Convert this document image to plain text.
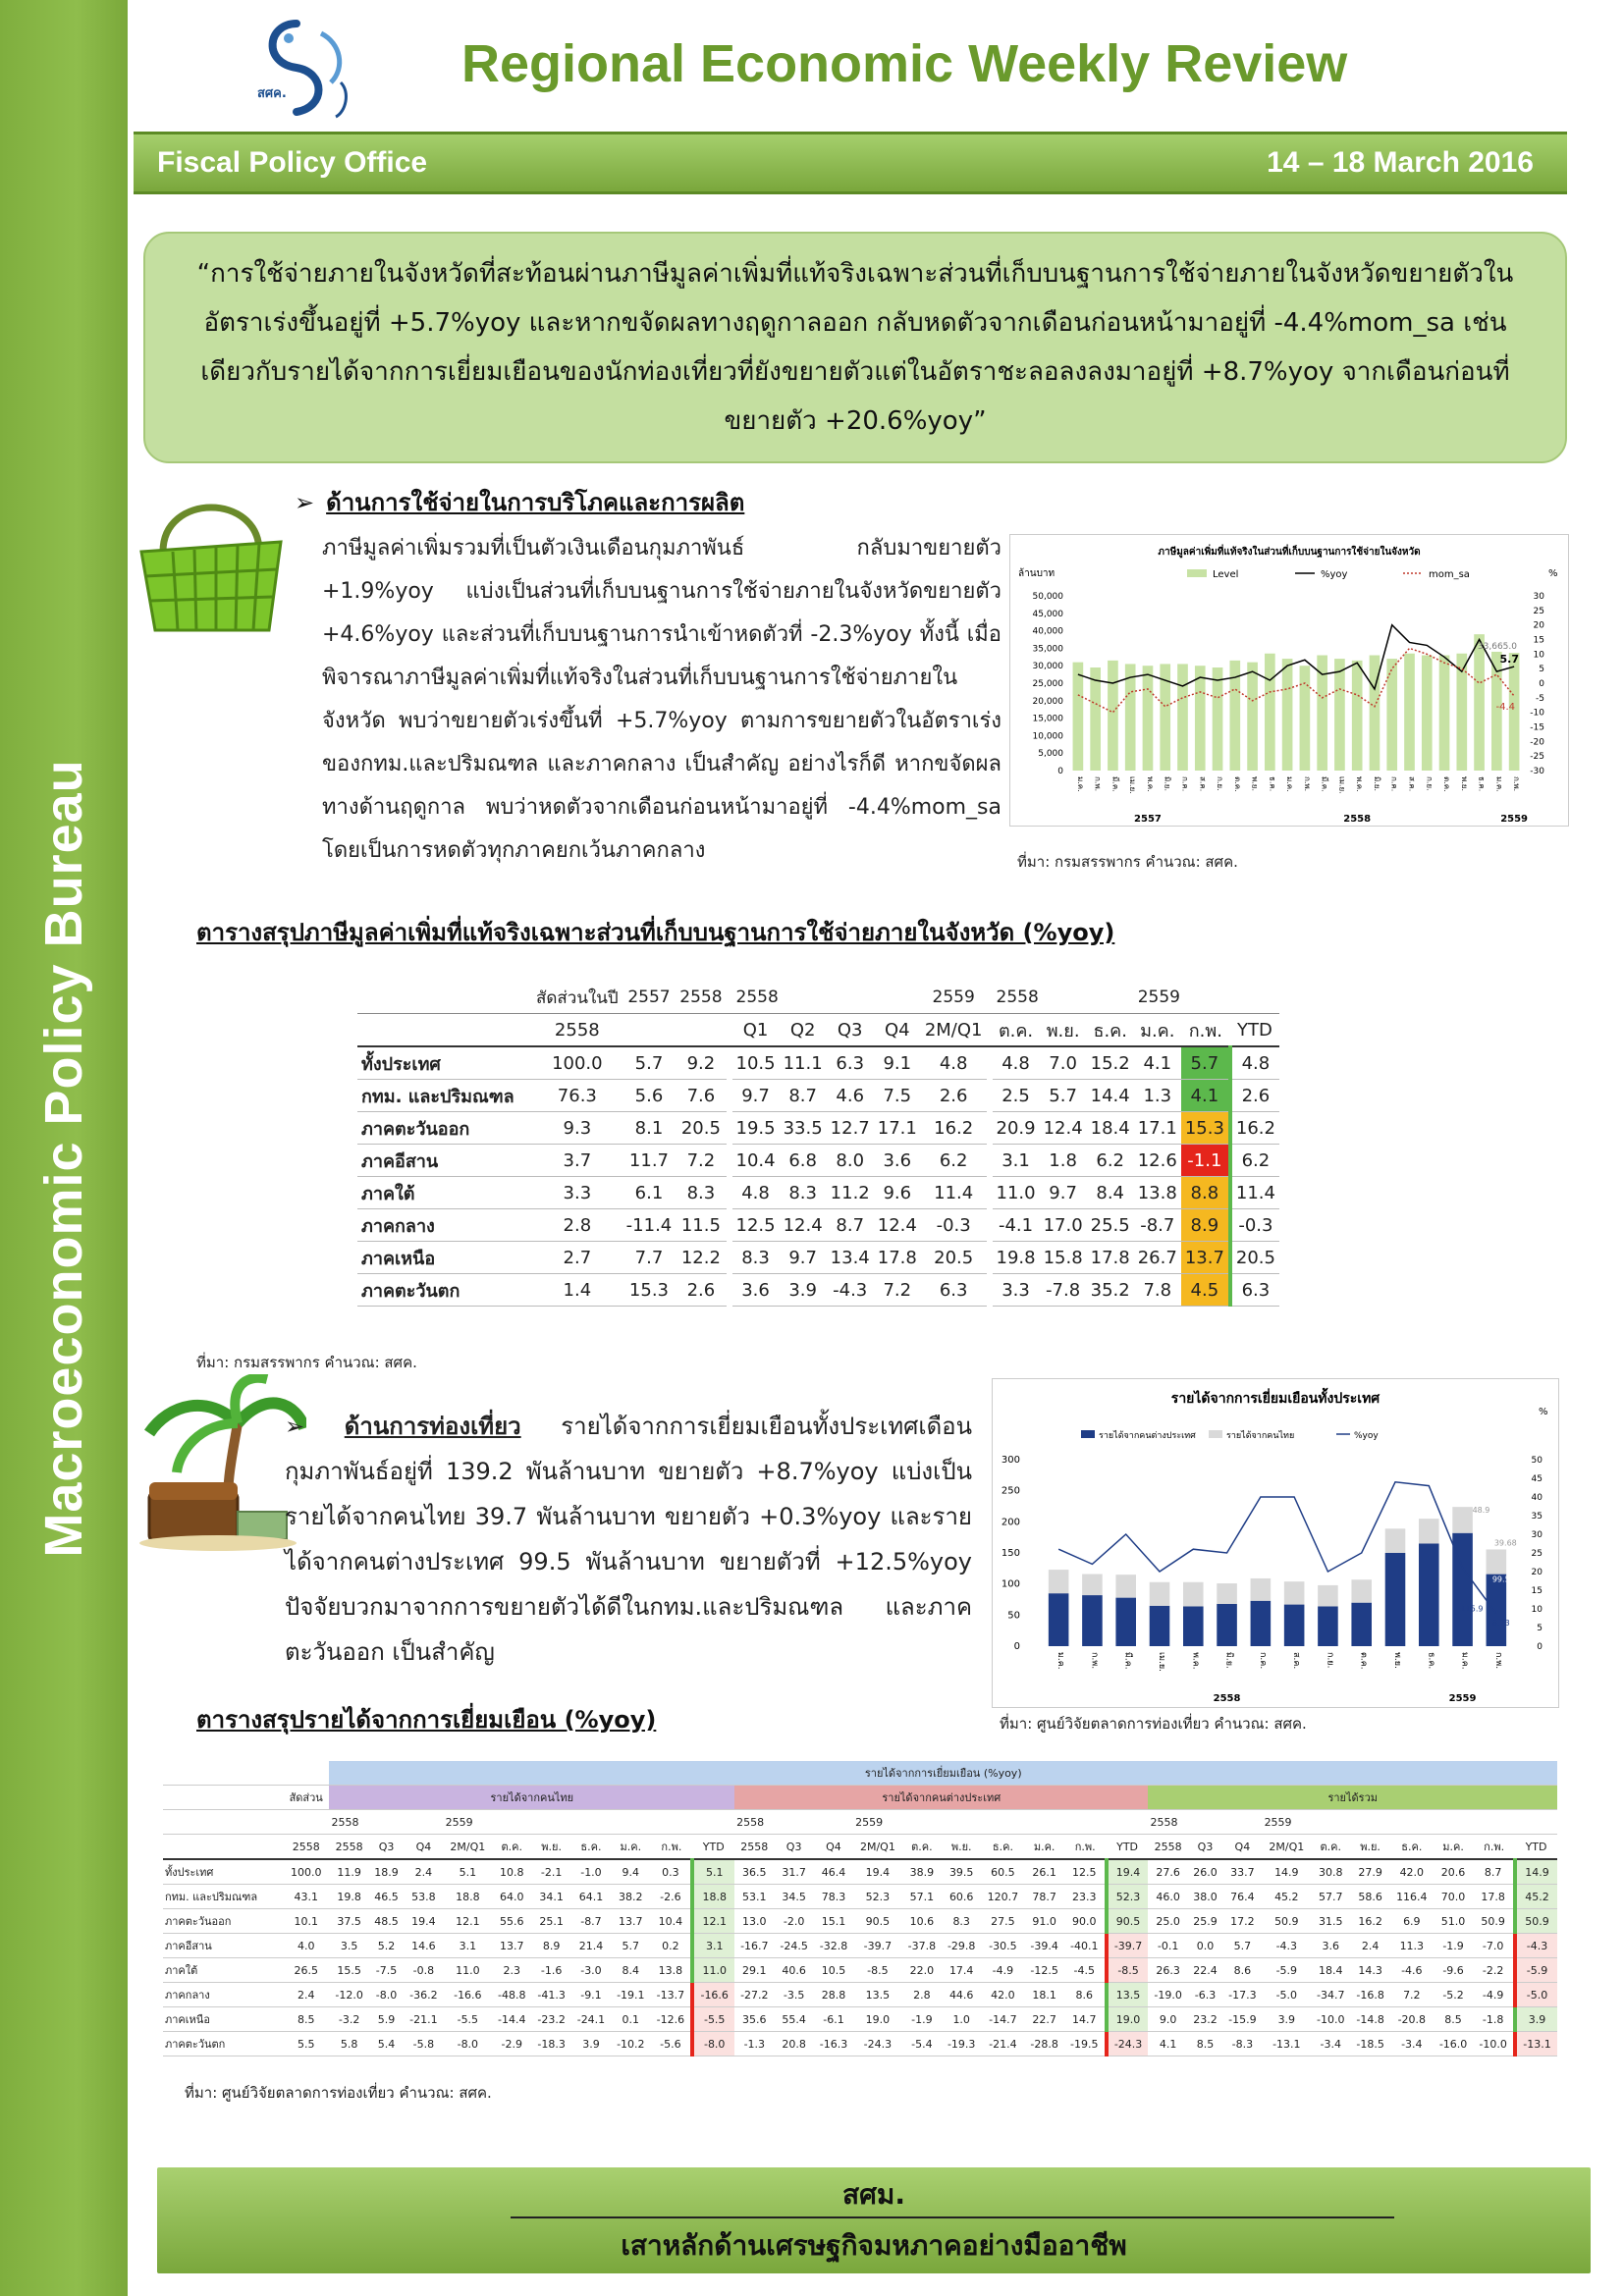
Macroeconomic Policy Bureau
สศค.
Regional Economic Weekly Review
Fiscal Policy Office	14 – 18 March 2016

“การใช้จ่ายภายในจังหวัดที่สะท้อนผ่านภาษีมูลค่าเพิ่มที่แท้จริงเฉพาะส่วนที่เก็บบนฐานการใช้จ่ายภายในจังหวัดขยายตัวในอัตราเร่งขึ้นอยู่ที่ +5.7%yoy และหากขจัดผลทางฤดูกาลออก กลับหดตัวจากเดือนก่อนหน้ามาอยู่ที่ -4.4%mom_sa เช่นเดียวกับรายได้จากการเยี่ยมเยือนของนักท่องเที่ยวที่ยังขยายตัวแต่ในอัตราชะลอลงลงมาอยู่ที่ +8.7%yoy จากเดือนก่อนที่ขยายตัว +20.6%yoy”

➢ ด้านการใช้จ่ายในการบริโภคและการผลิต
ภาษีมูลค่าเพิ่มรวมที่เป็นตัวเงินเดือนกุมภาพันธ์ กลับมาขยายตัว +1.9%yoy แบ่งเป็นส่วนที่เก็บบนฐานการใช้จ่ายภายในจังหวัดขยายตัว +4.6%yoy และส่วนที่เก็บบนฐานการนำเข้าหดตัวที่ -2.3%yoy ทั้งนี้ เมื่อพิจารณาภาษีมูลค่าเพิ่มที่แท้จริงในส่วนที่เก็บบนฐานการใช้จ่ายภายในจังหวัด พบว่าขยายตัวเร่งขึ้นที่ +5.7%yoy ตามการขยายตัวในอัตราเร่งของกทม.และปริมณฑล และภาคกลาง เป็นสำคัญ อย่างไรก็ดี หากขจัดผลทางด้านฤดูกาล พบว่าหดตัวจากเดือนก่อนหน้ามาอยู่ที่ -4.4%mom_sa โดยเป็นการหดตัวทุกภาคยกเว้นภาคกลาง
ภาษีมูลค่าเพิ่มที่แท้จริงในส่วนที่เก็บบนฐานการใช้จ่ายในจังหวัด
ล้านบาท	%
Level	%yoy	mom_sa
50,000
45,000
40,000
35,000
30,000
25,000
20,000
15,000
10,000
5,000
0
30
25
20
15
10
5
0
-5
-10
-15
-20
-25
-30
ม.ค. ก.พ. มี.ค. เม.ย. พ.ค. มิ.ย. ก.ค. ส.ค. ก.ย. ต.ค. พ.ย. ธ.ค. ม.ค. ก.พ. มี.ค. เม.ย. พ.ค. มิ.ย. ก.ค. ส.ค. ก.ย. ต.ค. พ.ย. ธ.ค. ม.ค. ก.พ.
2557	2558	2559
33,665.0
5.7
-4.4
ที่มา: กรมสรรพากร คำนวณ: สศค.
ตารางสรุปภาษีมูลค่าเพิ่มที่แท้จริงเฉพาะส่วนที่เก็บบนฐานการใช้จ่ายภายในจังหวัด (%yoy)
	สัดส่วนในปี	2557	2558		2558				2559		2558			2559		
	2558				Q1	Q2	Q3	Q4	2M/Q1		ต.ค.	พ.ย.	ธ.ค.	ม.ค.	ก.พ.	YTD
ทั้งประเทศ	100.0	5.7	9.2		10.5	11.1	6.3	9.1	4.8		4.8	7.0	15.2	4.1	5.7	4.8
กทม. และปริมณฑล	76.3	5.6	7.6		9.7	8.7	4.6	7.5	2.6		2.5	5.7	14.4	1.3	4.1	2.6
ภาคตะวันออก	9.3	8.1	20.5		19.5	33.5	12.7	17.1	16.2		20.9	12.4	18.4	17.1	15.3	16.2
ภาคอีสาน	3.7	11.7	7.2		10.4	6.8	8.0	3.6	6.2		3.1	1.8	6.2	12.6	-1.1	6.2
ภาคใต้	3.3	6.1	8.3		4.8	8.3	11.2	9.6	11.4		11.0	9.7	8.4	13.8	8.8	11.4
ภาคกลาง	2.8	-11.4	11.5		12.5	12.4	8.7	12.4	-0.3		-4.1	17.0	25.5	-8.7	8.9	-0.3
ภาคเหนือ	2.7	7.7	12.2		8.3	9.7	13.4	17.8	20.5		19.8	15.8	17.8	26.7	13.7	20.5
ภาคตะวันตก	1.4	15.3	2.6		3.6	3.9	-4.3	7.2	6.3		3.3	-7.8	35.2	7.8	4.5	6.3
ที่มา: กรมสรรพากร คำนวณ: สศค.
➢ ด้านการท่องเที่ยว รายได้จากการเยี่ยมเยือนทั้งประเทศเดือนกุมภาพันธ์อยู่ที่ 139.2 พันล้านบาท ขยายตัว +8.7%yoy แบ่งเป็นรายได้จากคนไทย 39.7 พันล้านบาท ขยายตัว +0.3%yoy และรายได้จากคนต่างประเทศ 99.5 พันล้านบาท ขยายตัวที่ +12.5%yoy ปัจจัยบวกมาจากการขยายตัวได้ดีในกทม.และปริมณฑล และภาคตะวันออก เป็นสำคัญ
รายได้จากการเยี่ยมเยือนทั้งประเทศ
%
รายได้จากคนต่างประเทศ	รายได้จากคนไทย	%yoy
300
250
200
150
100
50
0
50
45
40
35
30
25
20
15
10
5
0
ม.ค.	ก.พ.	มี.ค.	เม.ย.	พ.ค.	มิ.ย.	ก.ค.	ส.ค.	ก.ย.	ต.ค.	พ.ย.	ธ.ค.	ม.ค.	ก.พ.
2558	2559
48.9
39.68
115.9
99.53
8.73
ที่มา: ศูนย์วิจัยตลาดการท่องเที่ยว คำนวณ: สศค.
ตารางสรุปรายได้จากการเยี่ยมเยือน (%yoy)
		รายได้จากการเยี่ยมเยือน (%yoy)																													
	สัดส่วน	รายได้จากคนไทย										รายได้จากคนต่างประเทศ										รายได้รวม									
		2558			2559							2558			2559							2558			2559						
	2558	2558	Q3	Q4	2M/Q1	ต.ค.	พ.ย.	ธ.ค.	ม.ค.	ก.พ.	YTD	2558	Q3	Q4	2M/Q1	ต.ค.	พ.ย.	ธ.ค.	ม.ค.	ก.พ.	YTD	2558	Q3	Q4	2M/Q1	ต.ค.	พ.ย.	ธ.ค.	ม.ค.	ก.พ.	YTD
ทั้งประเทศ	100.0	11.9	18.9	2.4	5.1	10.8	-2.1	-1.0	9.4	0.3	5.1	36.5	31.7	46.4	19.4	38.9	39.5	60.5	26.1	12.5	19.4	27.6	26.0	33.7	14.9	30.8	27.9	42.0	20.6	8.7	14.9
กทม. และปริมณฑล	43.1	19.8	46.5	53.8	18.8	64.0	34.1	64.1	38.2	-2.6	18.8	53.1	34.5	78.3	52.3	57.1	60.6	120.7	78.7	23.3	52.3	46.0	38.0	76.4	45.2	57.7	58.6	116.4	70.0	17.8	45.2
ภาคตะวันออก	10.1	37.5	48.5	19.4	12.1	55.6	25.1	-8.7	13.7	10.4	12.1	13.0	-2.0	15.1	90.5	10.6	8.3	27.5	91.0	90.0	90.5	25.0	25.9	17.2	50.9	31.5	16.2	6.9	51.0	50.9	50.9
ภาคอีสาน	4.0	3.5	5.2	14.6	3.1	13.7	8.9	21.4	5.7	0.2	3.1	-16.7	-24.5	-32.8	-39.7	-37.8	-29.8	-30.5	-39.4	-40.1	-39.7	-0.1	0.0	5.7	-4.3	3.6	2.4	11.3	-1.9	-7.0	-4.3
ภาคใต้	26.5	15.5	-7.5	-0.8	11.0	2.3	-1.6	-3.0	8.4	13.8	11.0	29.1	40.6	10.5	-8.5	22.0	17.4	-4.9	-12.5	-4.5	-8.5	26.3	22.4	8.6	-5.9	18.4	14.3	-4.6	-9.6	-2.2	-5.9
ภาคกลาง	2.4	-12.0	-8.0	-36.2	-16.6	-48.8	-41.3	-9.1	-19.1	-13.7	-16.6	-27.2	-3.5	28.8	13.5	2.8	44.6	42.0	18.1	8.6	13.5	-19.0	-6.3	-17.3	-5.0	-34.7	-16.8	7.2	-5.2	-4.9	-5.0
ภาคเหนือ	8.5	-3.2	5.9	-21.1	-5.5	-14.4	-23.2	-24.1	0.1	-12.6	-5.5	35.6	55.4	-6.1	19.0	-1.9	1.0	-14.7	22.7	14.7	19.0	9.0	23.2	-15.9	3.9	-10.0	-14.8	-20.8	8.5	-1.8	3.9
ภาคตะวันตก	5.5	5.8	5.4	-5.8	-8.0	-2.9	-18.3	3.9	-10.2	-5.6	-8.0	-1.3	20.8	-16.3	-24.3	-5.4	-19.3	-21.4	-28.8	-19.5	-24.3	4.1	8.5	-8.3	-13.1	-3.4	-18.5	-3.4	-16.0	-10.0	-13.1
ที่มา: ศูนย์วิจัยตลาดการท่องเที่ยว คำนวณ: สศค.
สศม.
เสาหลักด้านเศรษฐกิจมหภาคอย่างมืออาชีพ
